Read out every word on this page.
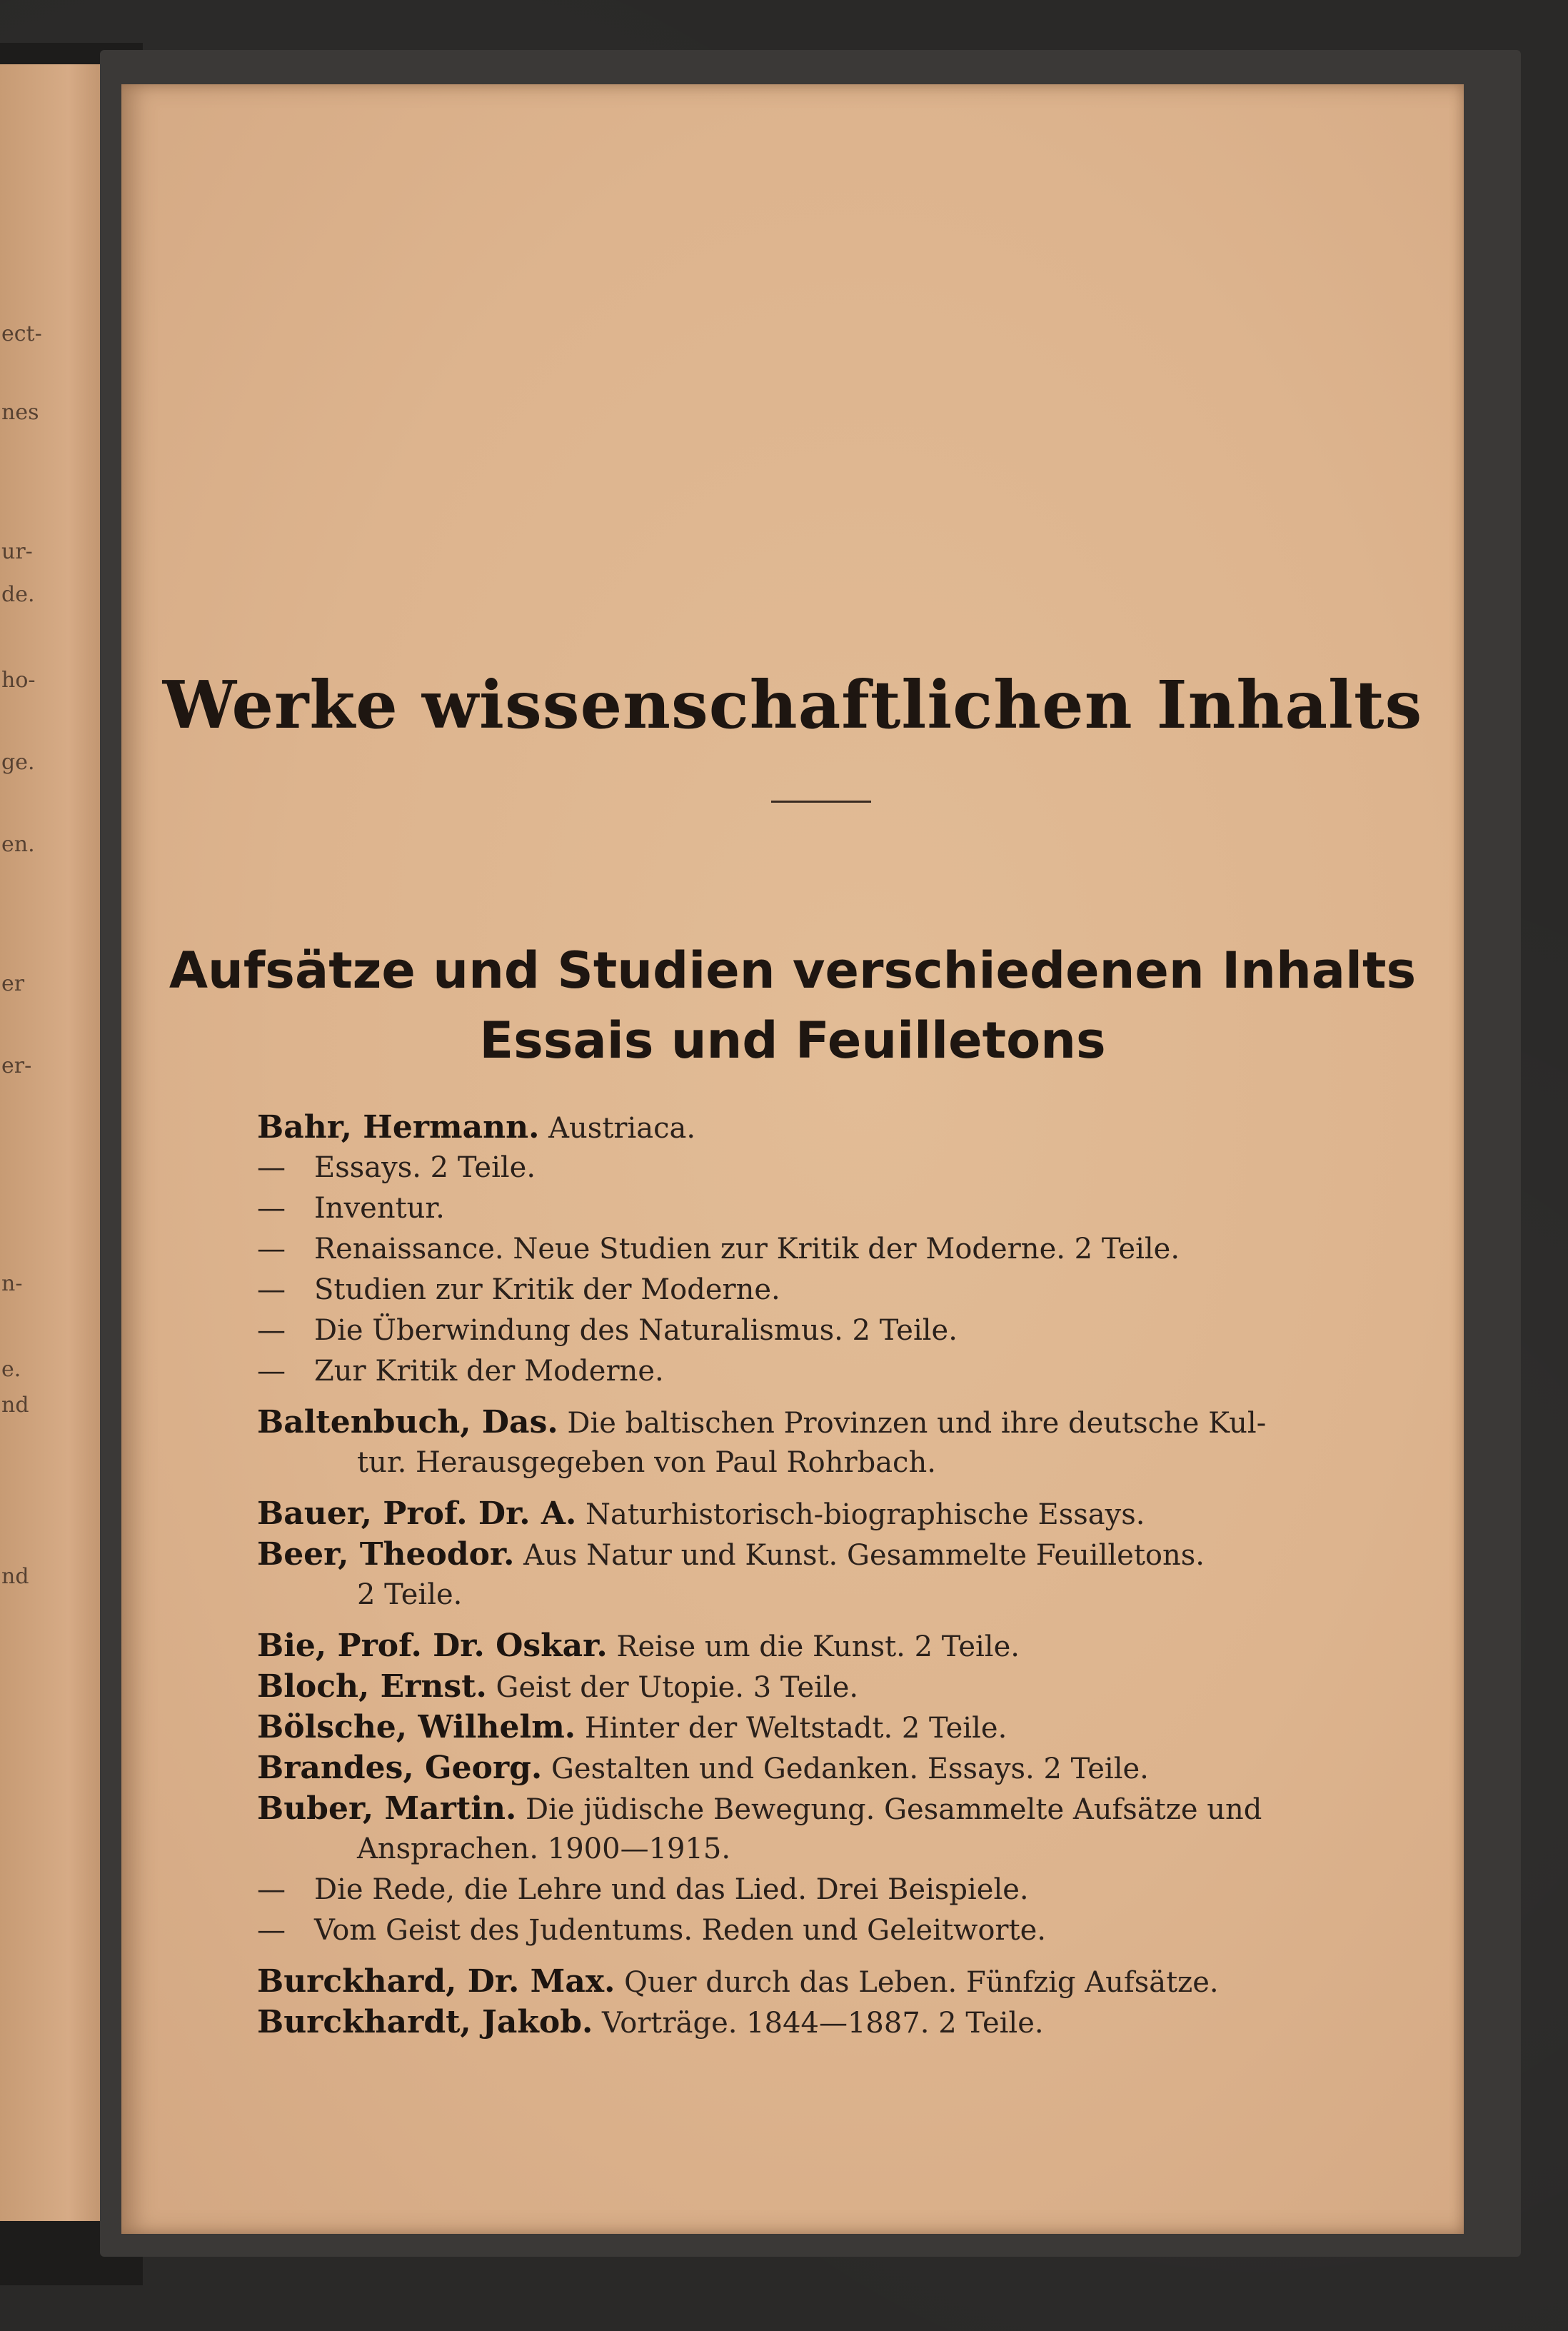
ect-
nes
ur-
de.
ho-
ge.
en.
er
er-
n-
e.
nd
nd
Werke wissenschaftlichen Inhalts
Aufsätze und Studien verschiedenen Inhalts
Essais und Feuilletons
Bahr, Hermann. Austriaca.
— Essays. 2 Teile.
— Inventur.
— Renaissance. Neue Studien zur Kritik der Moderne. 2 Teile.
— Studien zur Kritik der Moderne.
— Die Überwindung des Naturalismus. 2 Teile.
— Zur Kritik der Moderne.
Baltenbuch, Das. Die baltischen Provinzen und ihre deutsche Kul-
tur. Herausgegeben von Paul Rohrbach.
Bauer, Prof. Dr. A. Naturhistorisch-biographische Essays.
Beer, Theodor. Aus Natur und Kunst. Gesammelte Feuilletons.
2 Teile.
Bie, Prof. Dr. Oskar. Reise um die Kunst. 2 Teile.
Bloch, Ernst. Geist der Utopie. 3 Teile.
Bölsche, Wilhelm. Hinter der Weltstadt. 2 Teile.
Brandes, Georg. Gestalten und Gedanken. Essays. 2 Teile.
Buber, Martin. Die jüdische Bewegung. Gesammelte Aufsätze und
Ansprachen. 1900—1915.
— Die Rede, die Lehre und das Lied. Drei Beispiele.
— Vom Geist des Judentums. Reden und Geleitworte.
Burckhard, Dr. Max. Quer durch das Leben. Fünfzig Aufsätze.
Burckhardt, Jakob. Vorträge. 1844—1887. 2 Teile.
